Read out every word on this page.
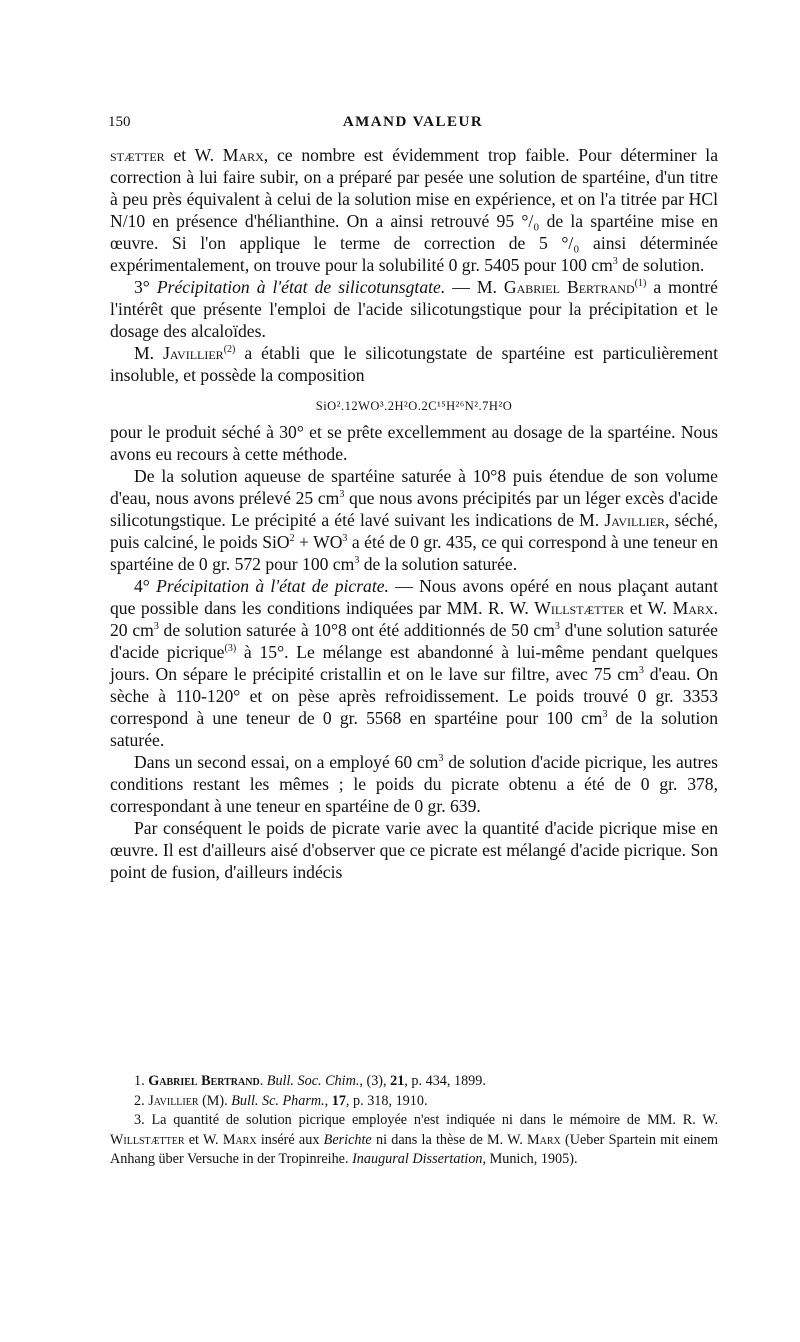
150	AMAND VALEUR

stætter et W. Marx, ce nombre est évidemment trop faible. Pour déterminer la correction à lui faire subir, on a préparé par pesée une solution de spartéine, d'un titre à peu près équivalent à celui de la solution mise en expérience, et on l'a titrée par HCl N/10 en présence d'hélianthine. On a ainsi retrouvé 95 °/₀ de la spartéine mise en œuvre. Si l'on applique le terme de correction de 5 °/₀ ainsi déterminée expérimentalement, on trouve pour la solubilité 0 gr. 5405 pour 100 $cm^3$ de solution.

3° Précipitation à l'état de silicotunsgtate. — M. Gabriel Bertrand$^{(1)}$ a montré l'intérêt que présente l'emploi de l'acide silicotungstique pour la précipitation et le dosage des alcaloïdes.

M. Javillier$^{(2)}$ a établi que le silicotungstate de spartéine est particulièrement insoluble, et possède la composition

SiO².12WO³.2H²O.2C¹⁵H²⁶N².7H²O

pour le produit séché à 30° et se prête excellemment au dosage de la spartéine. Nous avons eu recours à cette méthode.

De la solution aqueuse de spartéine saturée à 10°8 puis étendue de son volume d'eau, nous avons prélevé 25 $cm^3$ que nous avons précipités par un léger excès d'acide silicotungstique. Le précipité a été lavé suivant les indications de M. Javillier, séché, puis calciné, le poids $SiO^2 + WO^3$ a été de 0 gr. 435, ce qui correspond à une teneur en spartéine de 0 gr. 572 pour 100 $cm^3$ de la solution saturée.

4° Précipitation à l'état de picrate. — Nous avons opéré en nous plaçant autant que possible dans les conditions indiquées par MM. R. W. Willstætter et W. Marx. 20 $cm^3$ de solution saturée à 10°8 ont été additionnés de 50 $cm^3$ d'une solution saturée d'acide picrique$^{(3)}$ à 15°. Le mélange est abandonné à lui-même pendant quelques jours. On sépare le précipité cristallin et on le lave sur filtre, avec 75 $cm^3$ d'eau. On sèche à 110-120° et on pèse après refroidissement. Le poids trouvé 0 gr. 3353 correspond à une teneur de 0 gr. 5568 en spartéine pour 100 $cm^3$ de la solution saturée.

Dans un second essai, on a employé 60 $cm^3$ de solution d'acide picrique, les autres conditions restant les mêmes ; le poids du picrate obtenu a été de 0 gr. 378, correspondant à une teneur en spartéine de 0 gr. 639.

Par conséquent le poids de picrate varie avec la quantité d'acide picrique mise en œuvre. Il est d'ailleurs aisé d'observer que ce picrate est mélangé d'acide picrique. Son point de fusion, d'ailleurs indécis

1. Gabriel Bertrand. Bull. Soc. Chim., (3), 21, p. 434, 1899.

2. Javillier (M). Bull. Sc. Pharm., 17, p. 318, 1910.

3. La quantité de solution picrique employée n'est indiquée ni dans le mémoire de MM. R. W. Willstætter et W. Marx inséré aux Berichte ni dans la thèse de M. W. Marx (Ueber Spartein mit einem Anhang über Versuche in der Tropinreihe. Inaugural Dissertation, Munich, 1905).
